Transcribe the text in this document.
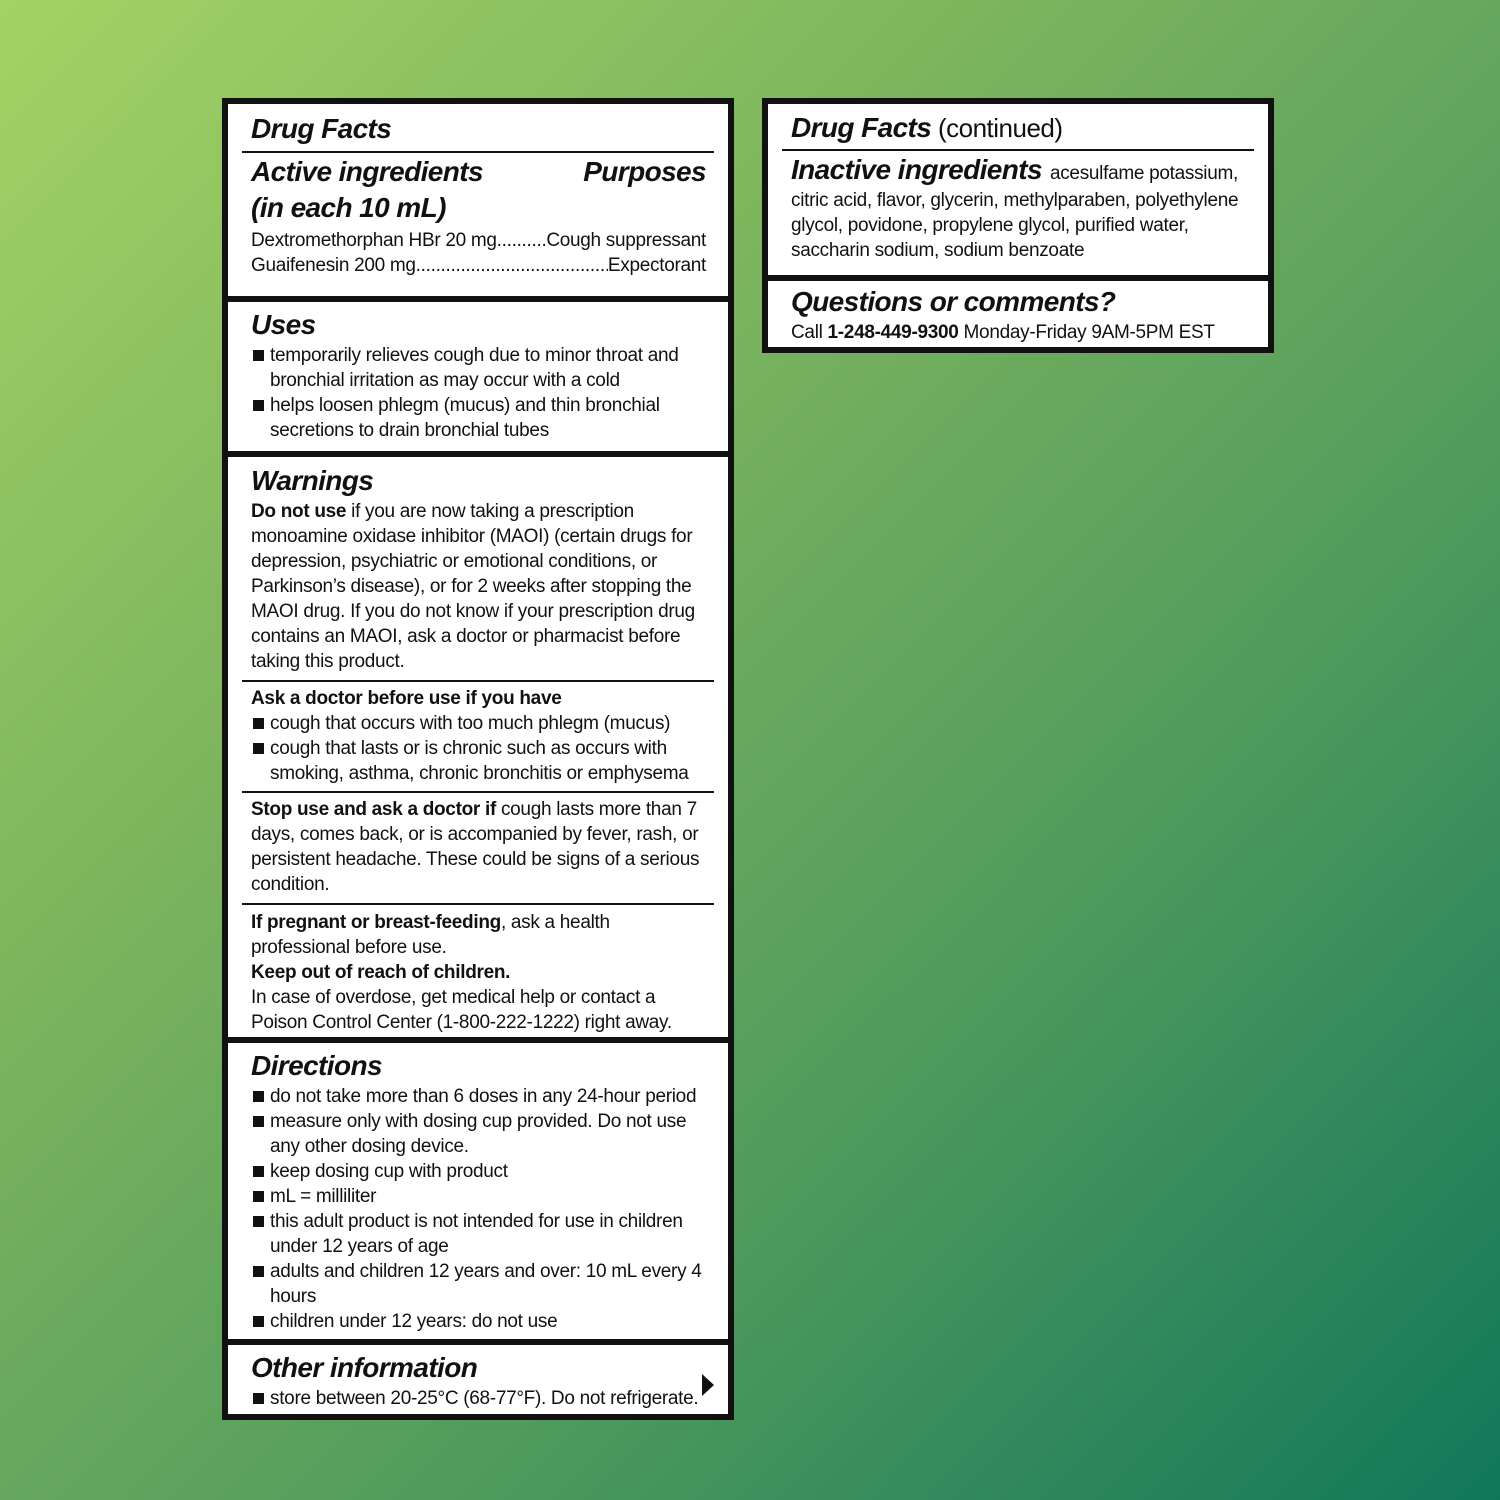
Drug Facts
Active ingredients	Purposes
(in each 10 mL)
Dextromethorphan HBr 20 mg .....	Cough suppressant
Guaifenesin 200 mg .....	Expectorant
Uses
temporarily relieves cough due to minor throat and bronchial irritation as may occur with a cold
helps loosen phlegm (mucus) and thin bronchial secretions to drain bronchial tubes
Warnings
Do not use if you are now taking a prescription monoamine oxidase inhibitor (MAOI) (certain drugs for depression, psychiatric or emotional conditions, or Parkinson’s disease), or for 2 weeks after stopping the MAOI drug. If you do not know if your prescription drug contains an MAOI, ask a doctor or pharmacist before taking this product.
Ask a doctor before use if you have
cough that occurs with too much phlegm (mucus)
cough that lasts or is chronic such as occurs with smoking, asthma, chronic bronchitis or emphysema
Stop use and ask a doctor if cough lasts more than 7 days, comes back, or is accompanied by fever, rash, or persistent headache. These could be signs of a serious condition.
If pregnant or breast-feeding, ask a health professional before use.
Keep out of reach of children.
In case of overdose, get medical help or contact a Poison Control Center (1-800-222-1222) right away.
Directions
do not take more than 6 doses in any 24-hour period
measure only with dosing cup provided. Do not use any other dosing device.
keep dosing cup with product
mL = milliliter
this adult product is not intended for use in children under 12 years of age
adults and children 12 years and over: 10 mL every 4 hours
children under 12 years: do not use
Other information
store between 20-25°C (68-77°F). Do not refrigerate.
Drug Facts (continued)
Inactive ingredients acesulfame potassium, citric acid, flavor, glycerin, methylparaben, polyethylene glycol, povidone, propylene glycol, purified water, saccharin sodium, sodium benzoate
Questions or comments?
Call 1-248-449-9300 Monday-Friday 9AM-5PM EST
